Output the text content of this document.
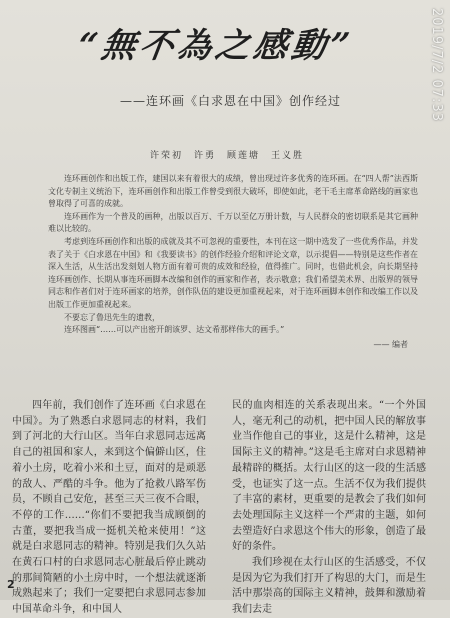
2019/7/2 07:33
“無不為之感動”
——连环画《白求恩在中国》创作经过
许荣初　许勇　顾莲塘　王义胜

连环画创作和出版工作，建国以来有着很大的成绩，曾出现过许多优秀的连环画。在“四人帮”法西斯文化专制主义统治下，连环画创作和出版工作曾受到很大破坏，即使如此，老干毛主席革命路线的画家也曾取得了可喜的成就。

连环画作为一个普及的画种，出版以百万、千万以至亿万册计数，与人民群众的密切联系是其它画种难以比较的。

考虑到连环画创作和出版的成就及其不可忽视的重要性，本刊在这一期中选发了一些优秀作品，并发表了关于《白求恩在中国》和《我要读书》的创作经验介绍和评论文章，以示提倡——特别是这些作者在深入生活，从生活出发刻划人物方面有着可贵的成效和经验，值得推广。同时，也借此机会，向长期坚持连环画创作、长期从事连环画脚本改编和创作的画家和作者，表示敬意；我们希望美术界、出版界的领导同志和作者们对于连环画家的培养，创作队伍的建设更加重视起来，对于连环画脚本创作和改编工作以及出版工作更加重视起来。

不要忘了鲁迅先生的遗教，

连环图画“……可以产出密开朗该罗、达文希那样伟大的画手。”

—— 编者

四年前，我们创作了连环画《白求恩在中国》。为了熟悉白求恩同志的材料，我们到了河北的大行山区。当年白求恩同志远离自己的祖国和家人，来到这个偏僻山区，住着小土房，吃着小米和土豆，面对的是顽恶的敌人、严酷的斗争。他为了抢救八路军伤员，不顾自己安危，甚至三天三夜不合眼，不停的工作……“你们不要把我当成顾倒的古董，要把我当成一挺机关枪来使用！”这就是白求恩同志的精神。特别是我们久久站在黄石口村的白求恩同志心脏最后停止跳动的那间简陋的小土房中时，一个想法就逐渐成熟起来了；我们一定要把白求恩同志参加中国革命斗争，和中国人

民的血肉相连的关系表现出来。“一个外国人，毫无利己的动机，把中国人民的解放事业当作他自己的事业，这是什么精神，这是国际主义的精神。”这是毛主席对白求恩精神最精辟的概括。太行山区的这一段的生活感受，也证实了这一点。生活不仅为我们提供了丰富的素材，更重要的是教会了我们如何去处理国际主义这样一个严肃的主题，如何去塑造好白求恩这个伟大的形象，创造了最好的条件。

我们珍视在太行山区的生活感受，不仅是因为它为我们打开了构思的大门，而是生活中那崇高的国际主义精神，鼓舞和激励着我们去走

2
